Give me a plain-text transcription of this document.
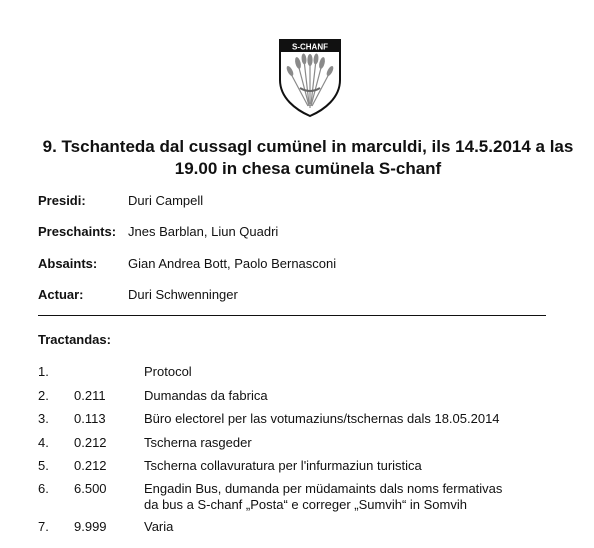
S-CHANF
9. Tschanteda dal cussagl cumünel in marculdi, ils 14.5.2014 a las
19.00 in chesa cumünela S-chanf
Presidi:	Duri Campell
Preschaints: Jnes Barblan, Liun Quadri
Absaints:	Gian Andrea Bott, Paolo Bernasconi
Actuar:	Duri Schwenninger
Tractandas:
1.	Protocol
2. 0.211	Dumandas da fabrica
3. 0.113	Büro electorel per las votumaziuns/tschernas dals 18.05.2014
4. 0.212	Tscherna rasgeder
5. 0.212	Tscherna collavuratura per l'infurmaziun turistica
6. 6.500	Engadin Bus, dumanda per müdamaints dals noms fermativas
da bus a S-chanf „Posta“ e correger „Sumvih“ in Somvih
7. 9.999	Varia
